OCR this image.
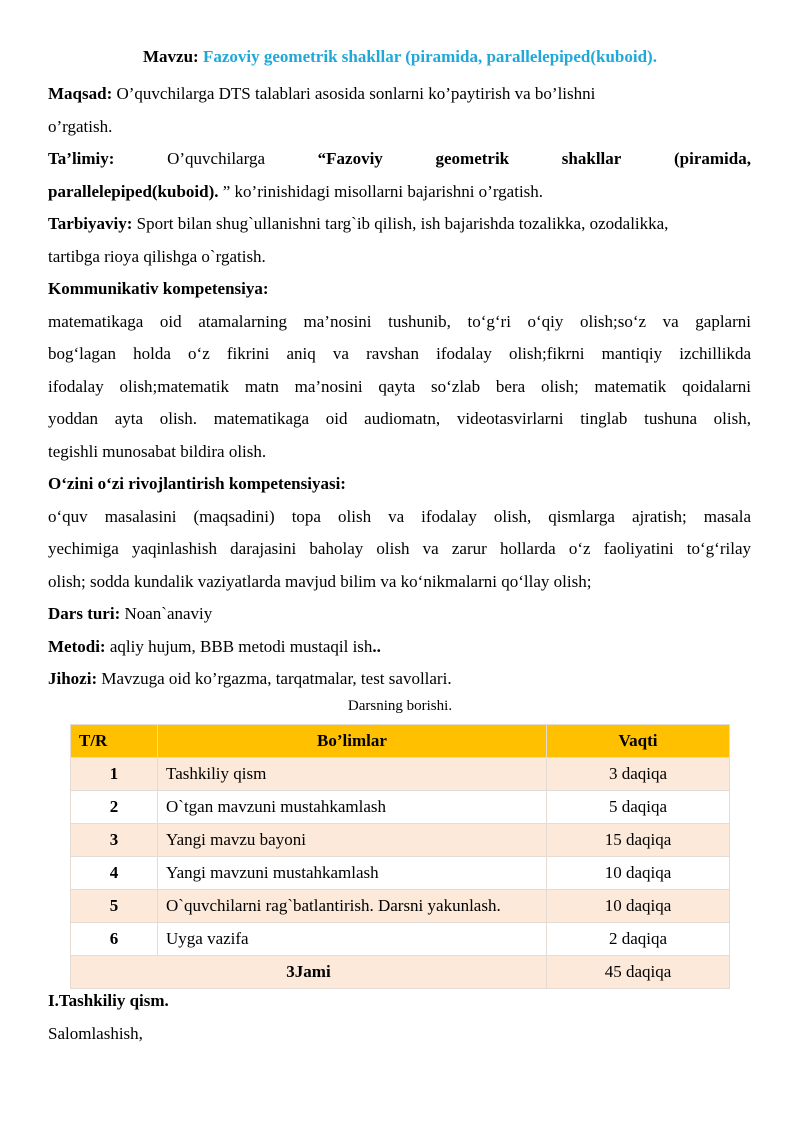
Mavzu: Fazoviy geometrik shakllar (piramida, parallelepiped(kuboid).
Maqsad: O’quvchilarga DTS talablari asosida sonlarni ko’paytirish va bo’lishni
o’rgatish.
Ta’limiy:	O’quvchilarga	“Fazoviy	geometrik	shakllar	(piramida,
parallelepiped(kuboid). ” ko’rinishidagi misollarni bajarishni o’rgatish.
Tarbiyaviy: Sport bilan shug`ullanishni targ`ib qilish, ish bajarishda tozalikka, ozodalikka,
tartibga rioya qilishga o`rgatish.
Kommunikativ kompetensiya:
matematikaga oid atamalarning ma’nosini tushunib, to‘g‘ri o‘qiy olish;so‘z va gaplarni
bog‘lagan holda o‘z fikrini aniq va ravshan ifodalay olish;fikrni mantiqiy izchillikda
ifodalay olish;matematik matn ma’nosini qayta so‘zlab bera olish; matematik qoidalarni
yoddan ayta olish. matematikaga oid audiomatn, videotasvirlarni tinglab tushuna olish,
tegishli munosabat bildira olish.
O‘zini o‘zi rivojlantirish kompetensiyasi:
o‘quv masalasini (maqsadini) topa olish va ifodalay olish, qismlarga ajratish; masala
yechimiga yaqinlashish darajasini baholay olish va zarur hollarda o‘z faoliyatini to‘g‘rilay
olish; sodda kundalik vaziyatlarda mavjud bilim va ko‘nikmalarni qo‘llay olish;
Dars turi: Noan`anaviy
Metodi: aqliy hujum, BBB metodi mustaqil ish..
Jihozi: Mavzuga oid ko’rgazma, tarqatmalar, test savollari.
Darsning borishi.
T/R	Bo’limlar	Vaqti
1	Tashkiliy qism	3 daqiqa
2	O`tgan mavzuni mustahkamlash	5 daqiqa
3	Yangi mavzu bayoni	15 daqiqa
4	Yangi mavzuni mustahkamlash	10 daqiqa
5	O`quvchilarni rag`batlantirish. Darsni yakunlash.	10 daqiqa
6	Uyga vazifa	2 daqiqa
3Jami		45 daqiqa
I.Tashkiliy qism.
Salomlashish,
